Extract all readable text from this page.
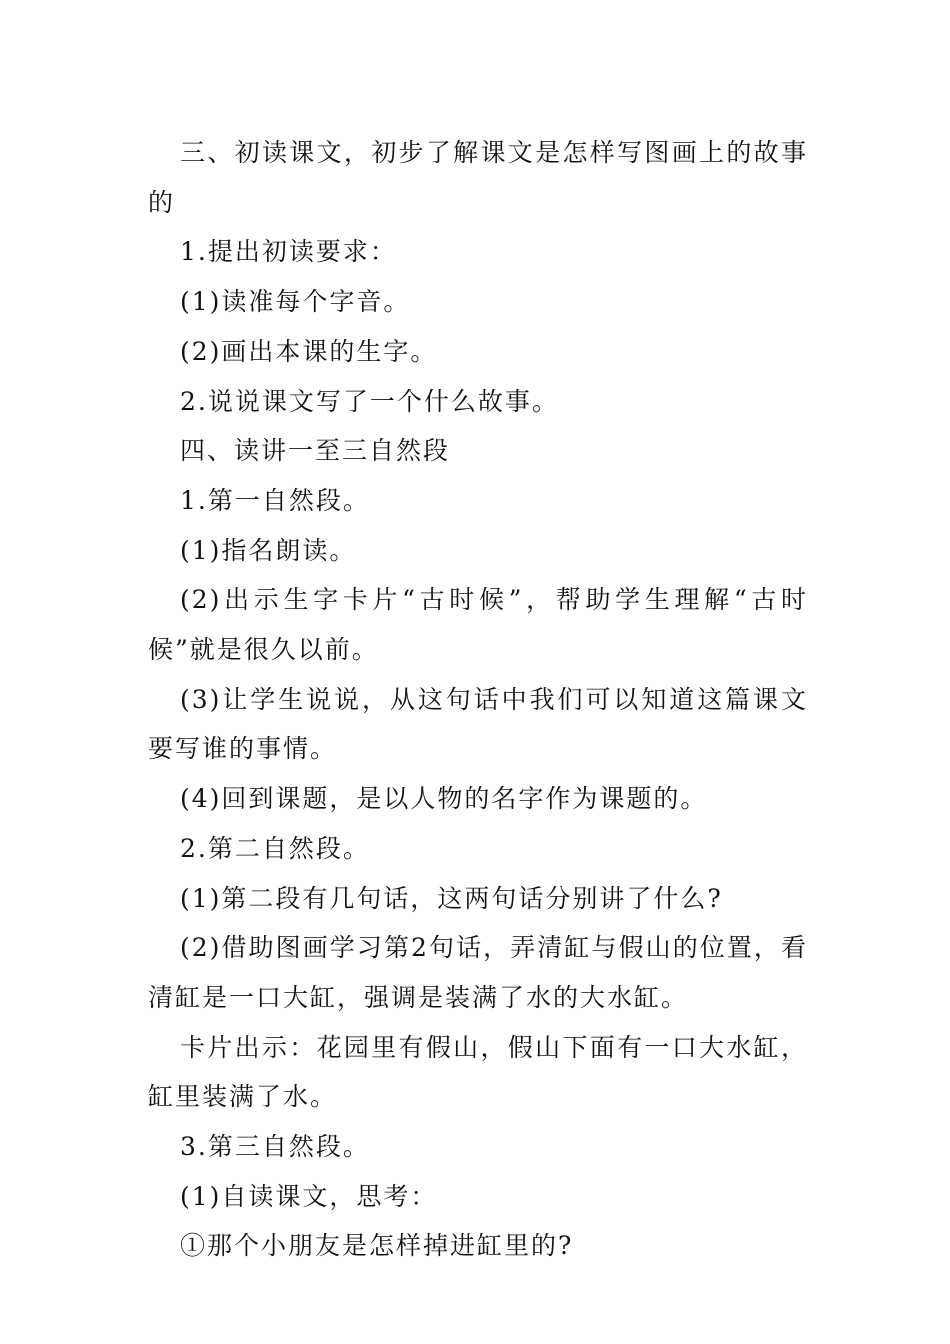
三、初读课文，初步了解课文是怎样写图画上的故事的

1.提出初读要求：

(1)读准每个字音。

(2)画出本课的生字。

2.说说课文写了一个什么故事。

四、读讲一至三自然段

1.第一自然段。

(1)指名朗读。

(2)出示生字卡片“古时候”，帮助学生理解“古时候”就是很久以前。

(3)让学生说说，从这句话中我们可以知道这篇课文要写谁的事情。

(4)回到课题，是以人物的名字作为课题的。

2.第二自然段。

(1)第二段有几句话，这两句话分别讲了什么?

(2)借助图画学习第2句话，弄清缸与假山的位置，看清缸是一口大缸，强调是装满了水的大水缸。

卡片出示：花园里有假山，假山下面有一口大水缸，缸里装满了水。

3.第三自然段。

(1)自读课文，思考：

①那个小朋友是怎样掉进缸里的?
